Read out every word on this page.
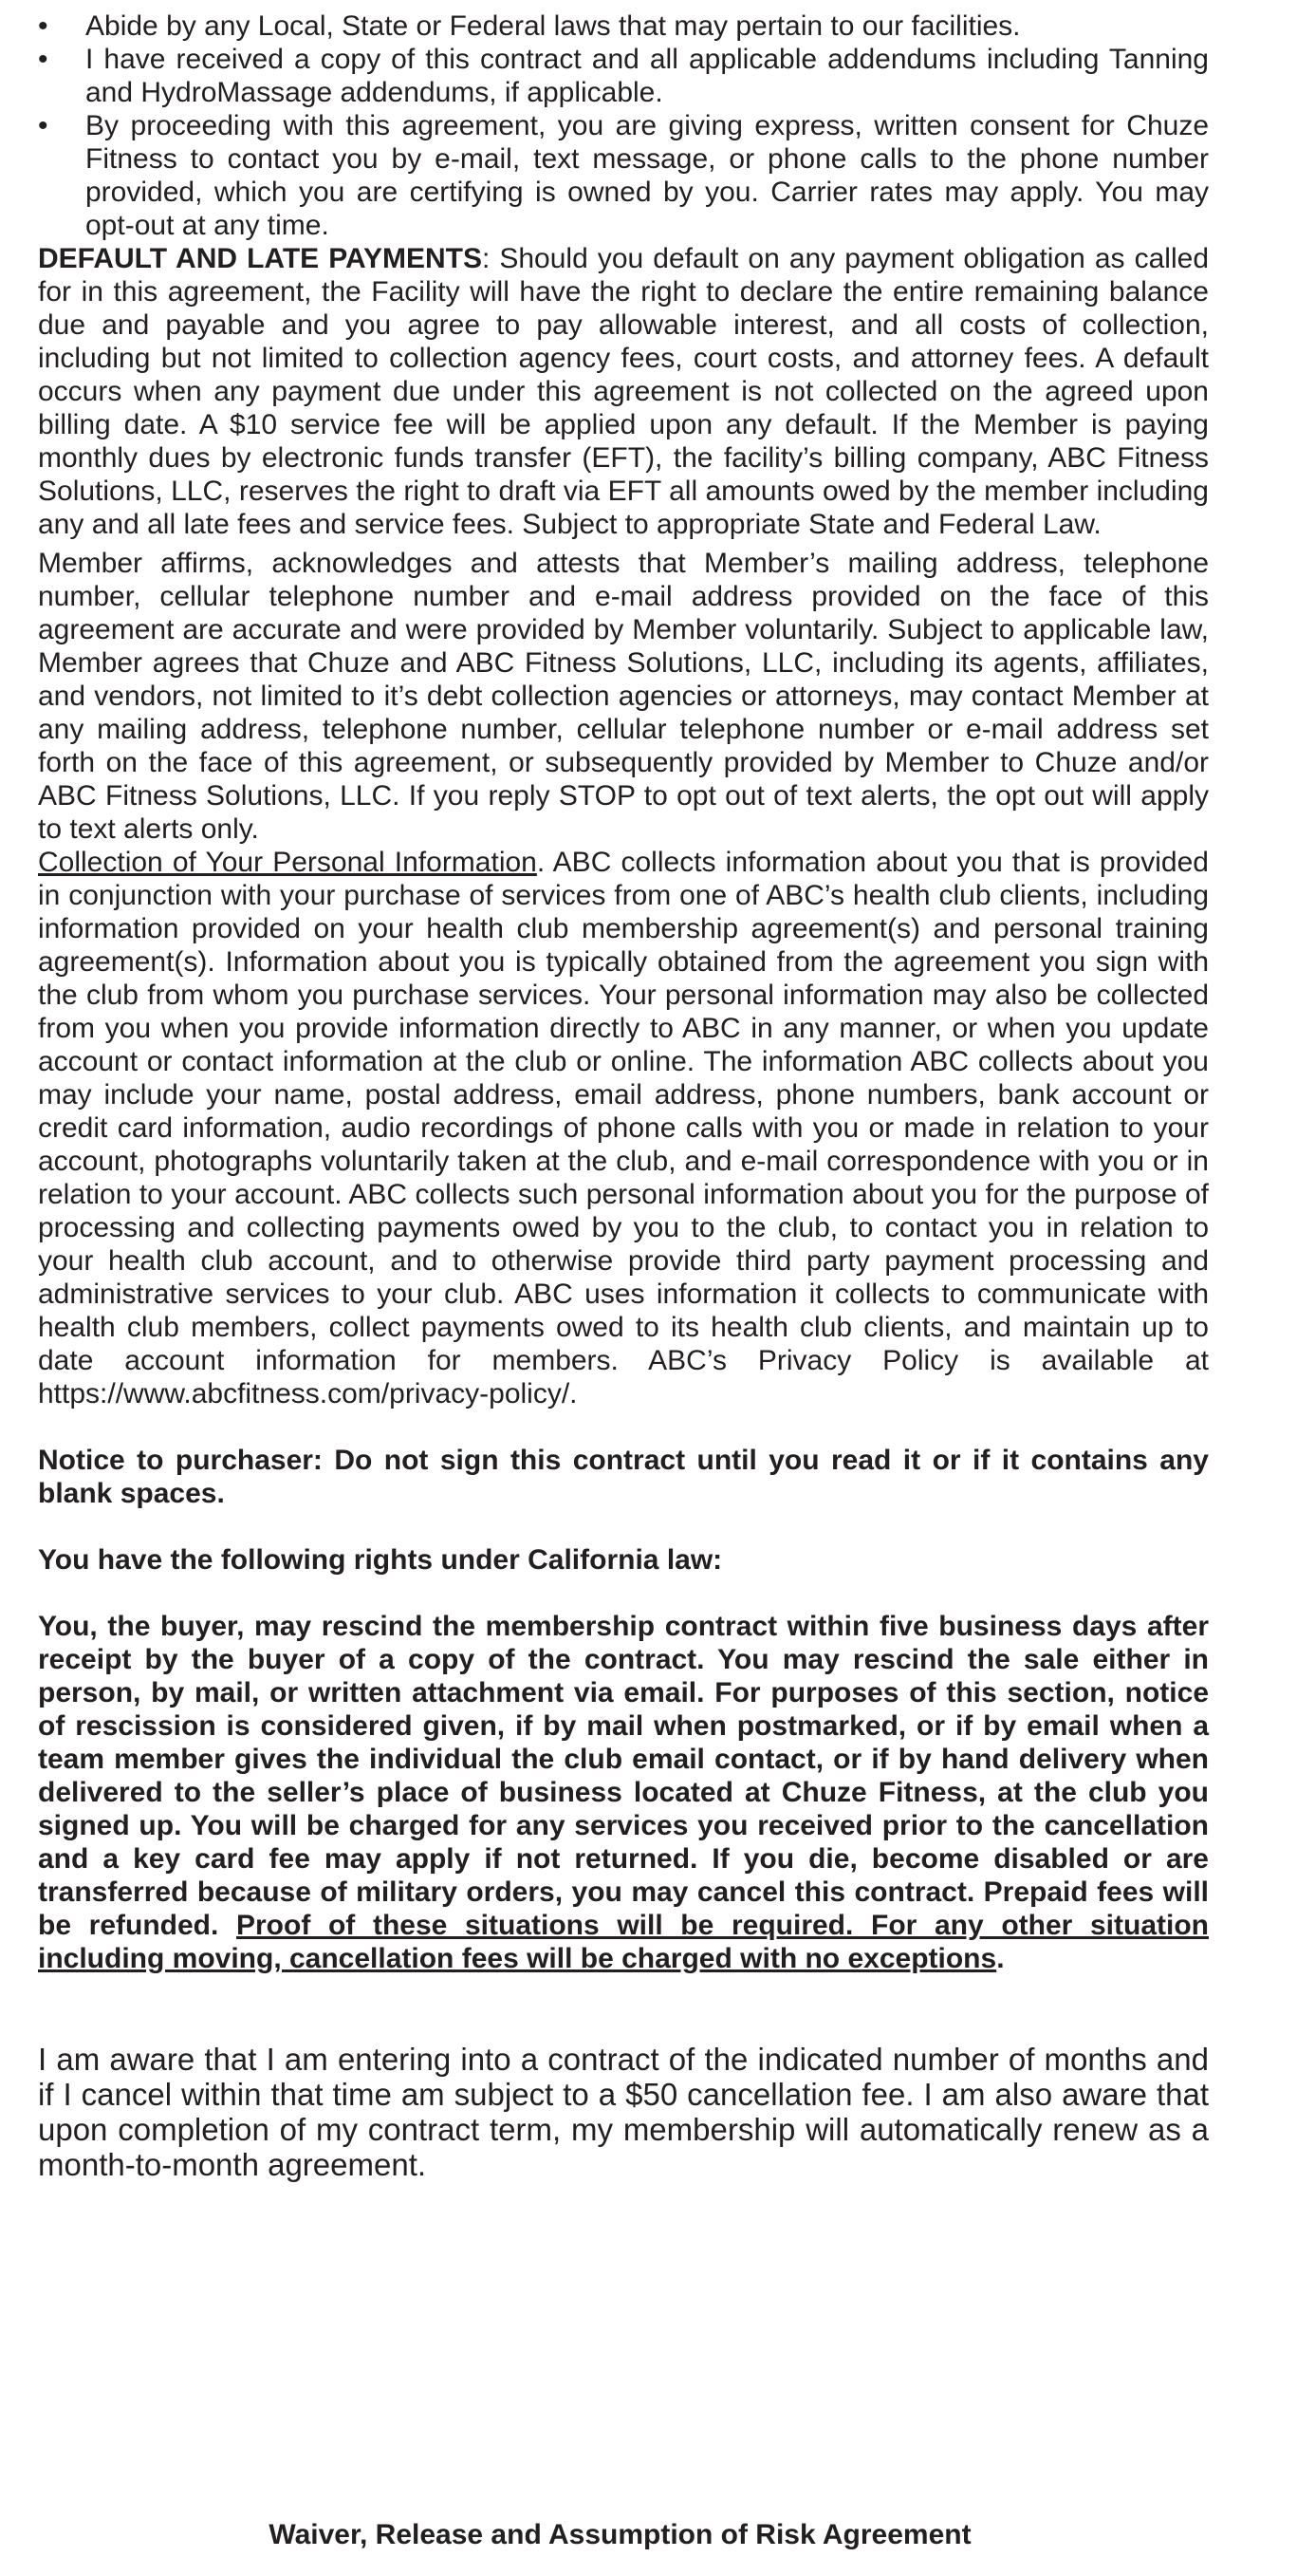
• Abide by any Local, State or Federal laws that may pertain to our facilities.
• I have received a copy of this contract and all applicable addendums including Tanning and HydroMassage addendums, if applicable.
• By proceeding with this agreement, you are giving express, written consent for Chuze Fitness to contact you by e-mail, text message, or phone calls to the phone number provided, which you are certifying is owned by you. Carrier rates may apply. You may opt-out at any time.

DEFAULT AND LATE PAYMENTS: Should you default on any payment obligation as called for in this agreement, the Facility will have the right to declare the entire remaining balance due and payable and you agree to pay allowable interest, and all costs of collection, including but not limited to collection agency fees, court costs, and attorney fees. A default occurs when any payment due under this agreement is not collected on the agreed upon billing date. A $10 service fee will be applied upon any default. If the Member is paying monthly dues by electronic funds transfer (EFT), the facility’s billing company, ABC Fitness Solutions, LLC, reserves the right to draft via EFT all amounts owed by the member including any and all late fees and service fees. Subject to appropriate State and Federal Law.

Member affirms, acknowledges and attests that Member’s mailing address, telephone number, cellular telephone number and e-mail address provided on the face of this agreement are accurate and were provided by Member voluntarily. Subject to applicable law, Member agrees that Chuze and ABC Fitness Solutions, LLC, including its agents, affiliates, and vendors, not limited to it’s debt collection agencies or attorneys, may contact Member at any mailing address, telephone number, cellular telephone number or e-mail address set forth on the face of this agreement, or subsequently provided by Member to Chuze and/or ABC Fitness Solutions, LLC. If you reply STOP to opt out of text alerts, the opt out will apply to text alerts only.

Collection of Your Personal Information. ABC collects information about you that is provided in conjunction with your purchase of services from one of ABC’s health club clients, including information provided on your health club membership agreement(s) and personal training agreement(s). Information about you is typically obtained from the agreement you sign with the club from whom you purchase services. Your personal information may also be collected from you when you provide information directly to ABC in any manner, or when you update account or contact information at the club or online. The information ABC collects about you may include your name, postal address, email address, phone numbers, bank account or credit card information, audio recordings of phone calls with you or made in relation to your account, photographs voluntarily taken at the club, and e-mail correspondence with you or in relation to your account. ABC collects such personal information about you for the purpose of processing and collecting payments owed by you to the club, to contact you in relation to your health club account, and to otherwise provide third party payment processing and administrative services to your club. ABC uses information it collects to communicate with health club members, collect payments owed to its health club clients, and maintain up to date account information for members. ABC’s Privacy Policy is available at https://www.abcfitness.com/privacy-policy/.

Notice to purchaser: Do not sign this contract until you read it or if it contains any blank spaces.

You have the following rights under California law:

You, the buyer, may rescind the membership contract within five business days after receipt by the buyer of a copy of the contract. You may rescind the sale either in person, by mail, or written attachment via email. For purposes of this section, notice of rescission is considered given, if by mail when postmarked, or if by email when a team member gives the individual the club email contact, or if by hand delivery when delivered to the seller’s place of business located at Chuze Fitness, at the club you signed up. You will be charged for any services you received prior to the cancellation and a key card fee may apply if not returned. If you die, become disabled or are transferred because of military orders, you may cancel this contract. Prepaid fees will be refunded. Proof of these situations will be required. For any other situation including moving, cancellation fees will be charged with no exceptions.

I am aware that I am entering into a contract of the indicated number of months and if I cancel within that time am subject to a $50 cancellation fee. I am also aware that upon completion of my contract term, my membership will automatically renew as a month-to-month agreement.

Waiver, Release and Assumption of Risk Agreement
